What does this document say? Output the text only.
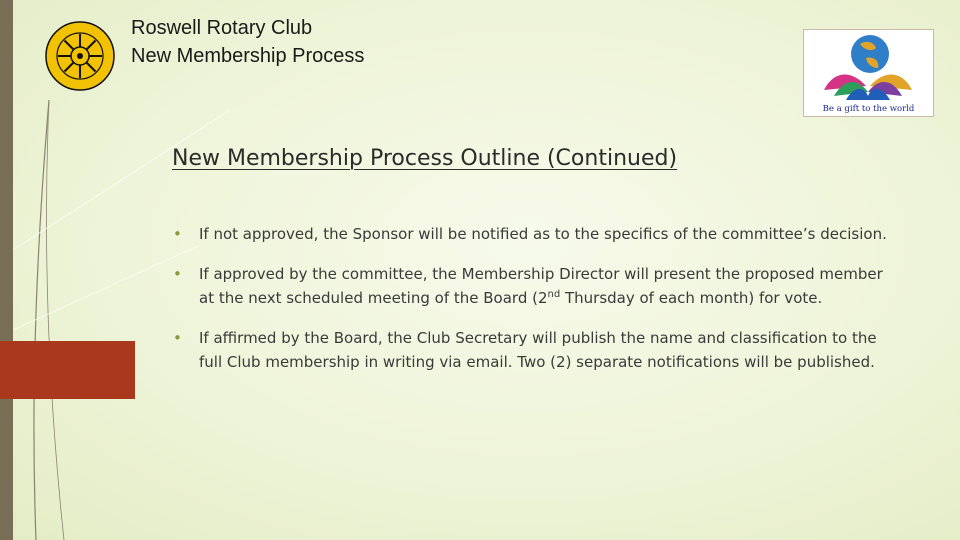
Roswell Rotary Club
New Membership Process
Be a gift to the world
New Membership Process Outline (Continued)
• If not approved, the Sponsor will be notified as to the specifics of the committee’s decision.
• If approved by the committee, the Membership Director will present the proposed member at the next scheduled meeting of the Board (2nd Thursday of each month) for vote.
• If affirmed by the Board, the Club Secretary will publish the name and classification to the full Club membership in writing via email. Two (2) separate notifications will be published.
